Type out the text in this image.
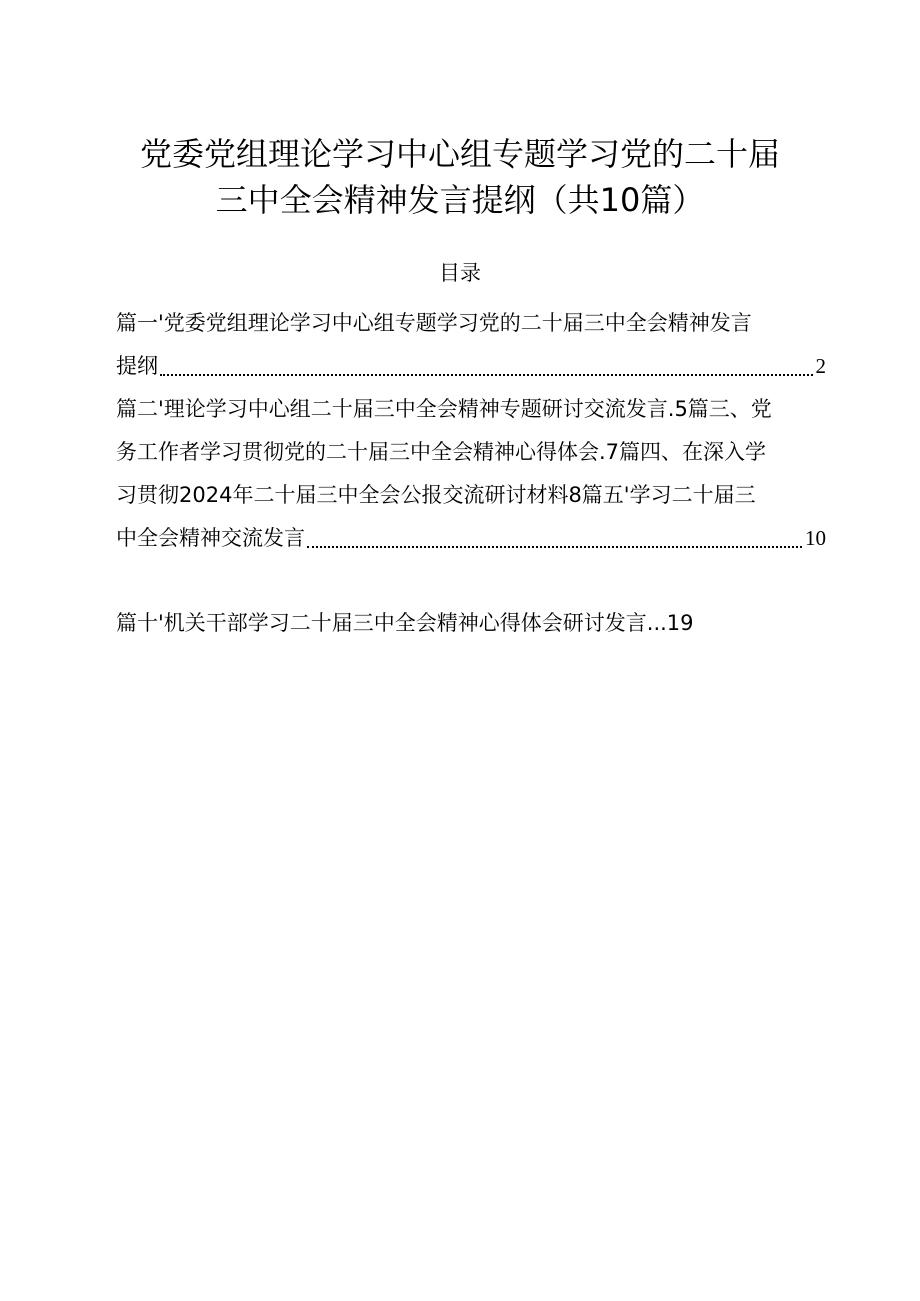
党委党组理论学习中心组专题学习党的二十届
三中全会精神发言提纲（共10篇）
目录
篇一'党委党组理论学习中心组专题学习党的二十届三中全会精神发言
提纲	2
篇二'理论学习中心组二十届三中全会精神专题研讨交流发言.5篇三、党
务工作者学习贯彻党的二十届三中全会精神心得体会.7篇四、在深入学
习贯彻2024年二十届三中全会公报交流研讨材料8篇五'学习二十届三
中全会精神交流发言	10
篇十'机关干部学习二十届三中全会精神心得体会研讨发言...19
